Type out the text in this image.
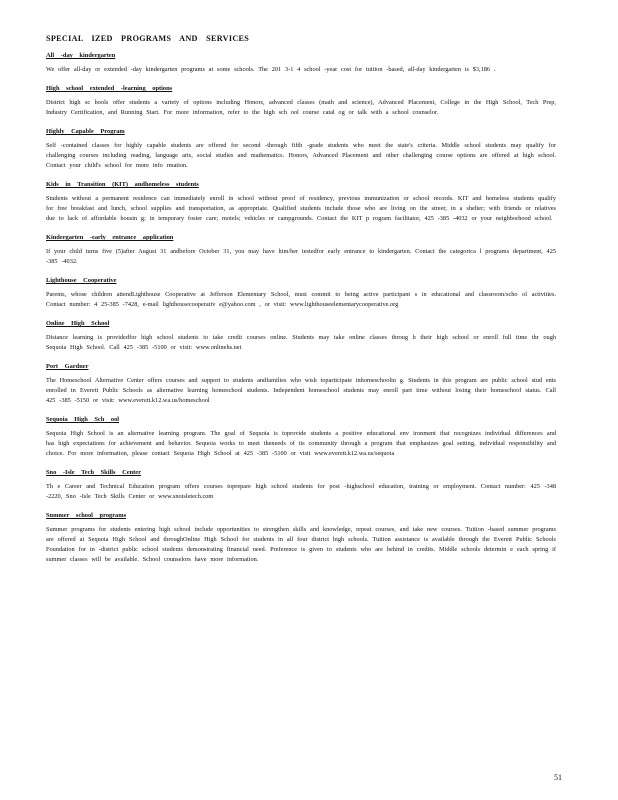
SPECIAL IZED PROGRAMS AND SERVICES
All -day kindergarten

We offer all-day or extended -day kindergarten programs at some schools. The 201 3-1 4 school -year cost for tuition -based, all-day kindergarten is $3,186 .

High school extended -learning options

District high sc hools offer students a variety of options including Honors, advanced classes (math and science), Advanced Placement, College in the High School, Tech Prep, Industry Certification, and Running Start. For more information, refer to the high sch ool course catal og or talk with a school counselor.

Highly Capable Program

Self -contained classes for highly capable students are offered for second -through fifth -grade students who meet the state's criteria. Middle school students may qualify for challenging courses including reading, language arts, social studies and mathematics. Honors, Advanced Placement and other challenging course options are offered at high school. Contact your child's school for more info rmation.

Kids in Transition (KIT) andhomeless students

Students without a permanent residence can immediately enroll in school without proof of residency, previous immunization or school records. KIT and homeless students qualify for free breakfast and lunch, school supplies and transportation, as appropriate. Qualified students include those who are living on the street; in a shelter; with friends or relatives due to lack of affordable housin g; in temporary foster care; motels; vehicles or campgrounds. Contact the KIT p rogram facilitator, 425 -385 -4032 or your neighborhood school.

Kindergarten -early entrance application

If your child turns five (5)after August 31 andbefore October 31, you may have him/her testedfor early entrance to kindergarten. Contact the categorica l programs department, 425 -385 -4032.

Lighthouse Cooperative

Parents, whose children attendLighthouse Cooperative at Jefferson Elementary School, must commit to being active participant s in educational and classroom/scho ol activities. Contact number: 4 25-385 -7428, e-mail lighthousecooperativ e@yahoo.com , or visit: www.lighthouseelementarycooperative.org

Online High School

Distance learning is providedfor high school students to take credit courses online. Students may take online classes throug h their high school or enroll full time thr ough Sequoia High School. Call 425 -385 -5100 or visit: www.onlinehs.net

Port Gardner

The Homeschool Alternative Center offers courses and support to students andfamilies who wish toparticipate inhomeschoolin g. Students in this program are public school stud ents enrolled in Everett Public Schools as alternative learning homeschool students. Independent homeschool students may enroll part time without losing their homeschool status. Call 425 -385 -5150 or visit: www.everett.k12.wa.us/homeschool

Sequoia High Sch ool

Sequoia High School is an alternative learning program. The goal of Sequoia is toprovide students a positive educational env ironment that recognizes individual differences and has high expectations for achievement and behavior. Sequoia works to meet theneeds of its community through a program that emphasizes goal setting, individual responsibility and choice. For more information, please contact Sequoia High School at 425 -385 -5100 or visit www.everett.k12.wa.us/sequoia

Sno -Isle Tech Skills Center

Th e Career and Technical Education program offers courses toprepare high school students for post -highschool education, training or employment. Contact number: 425 -348 -2220, Sno -Isle Tech Skills Center or www.snoisletech.com

Summer school programs

Summer programs for students entering high school include opportunities to strengthen skills and knowledge, repeat courses, and take new courses. Tuition -based summer programs are offered at Sequoia High School and throughOnline High School for students in all four district high schools. Tuition assistance is available through the Everett Public Schools Foundation for in -district public school students demonstrating financial need. Preference is given to students who are behind in credits. Middle schools determin e each spring if summer classes will be available. School counselors have more information.

51
